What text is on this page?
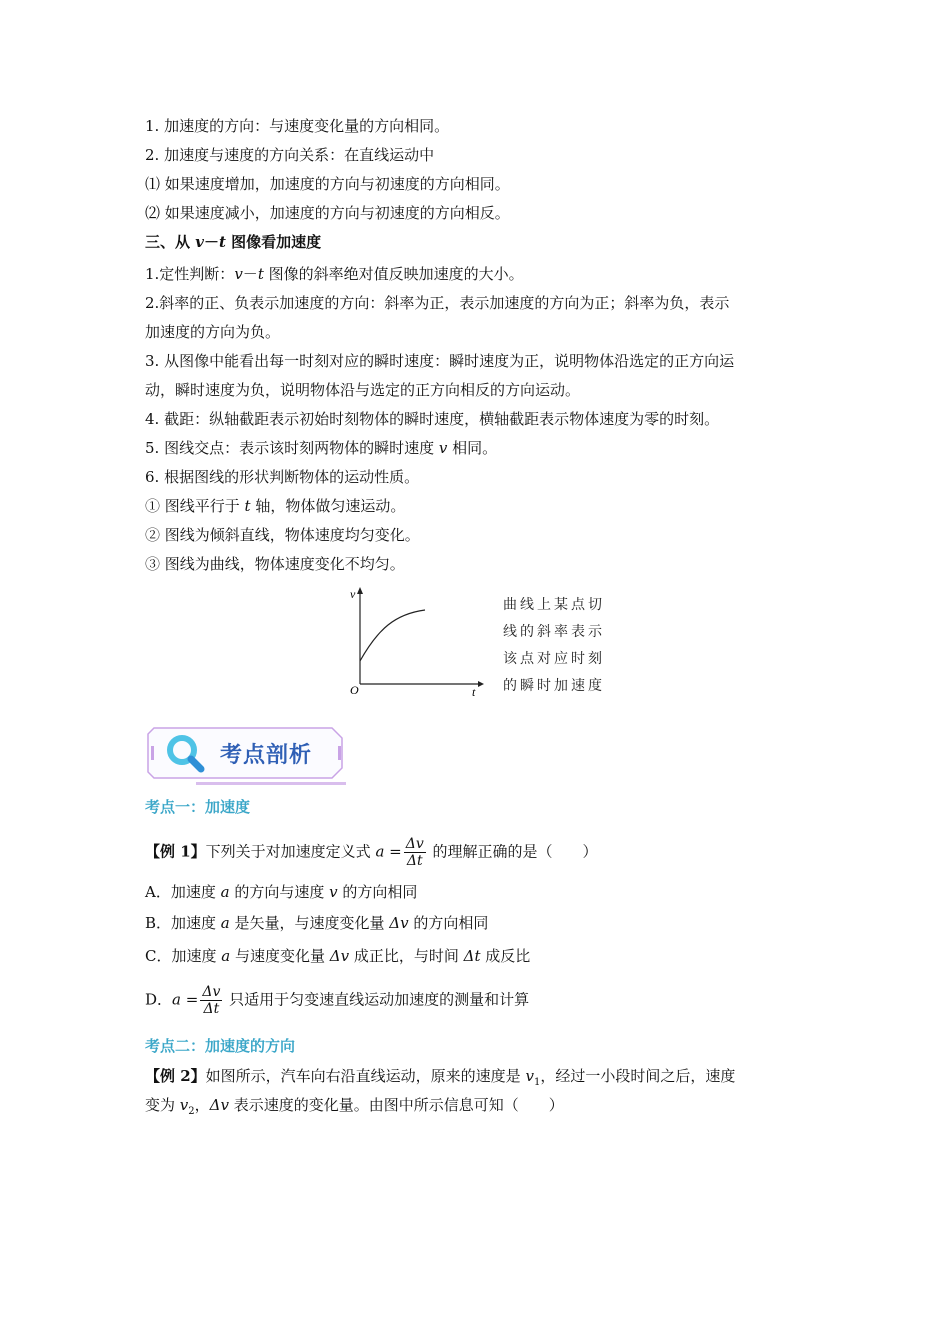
1. 加速度的方向：与速度变化量的方向相同。
2. 加速度与速度的方向关系：在直线运动中
⑴ 如果速度增加，加速度的方向与初速度的方向相同。
⑵ 如果速度减小，加速度的方向与初速度的方向相反。
三、从 v－t 图像看加速度
1.定性判断：v－t 图像的斜率绝对值反映加速度的大小。
2.斜率的正、负表示加速度的方向：斜率为正，表示加速度的方向为正；斜率为负，表示
加速度的方向为负。
3. 从图像中能看出每一时刻对应的瞬时速度：瞬时速度为正，说明物体沿选定的正方向运
动，瞬时速度为负，说明物体沿与选定的正方向相反的方向运动。
4. 截距：纵轴截距表示初始时刻物体的瞬时速度，横轴截距表示物体速度为零的时刻。
5. 图线交点：表示该时刻两物体的瞬时速度 v 相同。
6. 根据图线的形状判断物体的运动性质。
① 图线平行于 t 轴，物体做匀速运动。
② 图线为倾斜直线，物体速度均匀变化。
③ 图线为曲线，物体速度变化不均匀。
v
t
O
曲线上某点切
线的斜率表示
该点对应时刻
的瞬时加速度
考点剖析
考点一：加速度
【例 1】下列关于对加速度定义式 $a = \frac{\Delta v}{\Delta t}$ 的理解正确的是（　　）
A．加速度 a 的方向与速度 v 的方向相同
B．加速度 a 是矢量，与速度变化量 Δv 的方向相同
C．加速度 a 与速度变化量 Δv 成正比，与时间 Δt 成反比
D．$a = \frac{\Delta v}{\Delta t}$ 只适用于匀变速直线运动加速度的测量和计算
考点二：加速度的方向
【例 2】如图所示，汽车向右沿直线运动，原来的速度是 $v_1$，经过一小段时间之后，速度
变为 $v_2$，Δv 表示速度的变化量。由图中所示信息可知（　　）
